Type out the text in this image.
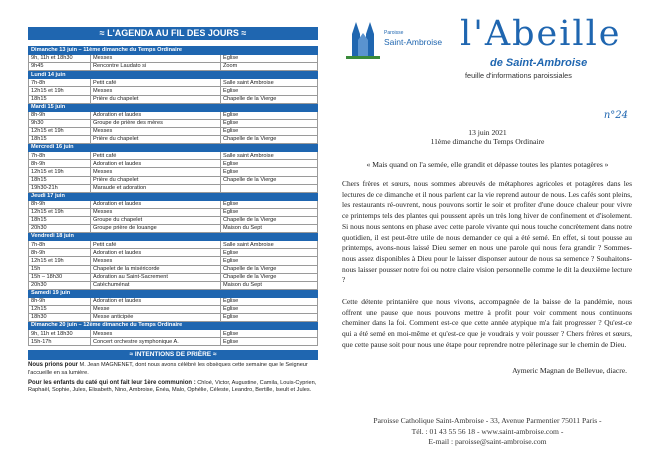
≈ L'AGENDA AU FIL DES JOURS ≈
Dimanche 13 juin – 11ème dimanche du Temps Ordinaire		
9h, 11h et 18h30	Messes	Eglise
9h45	Rencontre Laudato si	Zoom
Lundi 14 juin		
7h-8h	Petit café	Salle saint Ambroise
12h15 et 19h	Messes	Eglise
18h15	Prière du chapelet	Chapelle de la Vierge
Mardi 15 juin		
8h-9h	Adoration et laudes	Eglise
9h30	Groupe de prière des mères	Eglise
12h15 et 19h	Messes	Eglise
18h15	Prière du chapelet	Chapelle de la Vierge
Mercredi 16 juin		
7h-8h	Petit café	Salle saint Ambroise
8h-9h	Adoration et laudes	Eglise
12h15 et 19h	Messes	Eglise
18h15	Prière du chapelet	Chapelle de la Vierge
19h30-21h	Maraude et adoration	
Jeudi 17 juin		
8h-9h	Adoration et laudes	Eglise
12h15 et 19h	Messes	Eglise
18h15	Groupe du chapelet	Chapelle de la Vierge
20h30	Groupe prière de louange	Maison du Sept
Vendredi 18 juin		
7h-8h	Petit café	Salle saint Ambroise
8h-9h	Adoration et laudes	Eglise
12h15 et 19h	Messes	Eglise
15h	Chapelet de la miséricorde	Chapelle de la Vierge
15h – 18h30	Adoration au Saint-Sacrement	Chapelle de la Vierge
20h30	Catéchuménat	Maison du Sept
Samedi 19 juin		
8h-9h	Adoration et laudes	Eglise
12h15	Messe	Eglise
18h30	Messe anticipée	Eglise
Dimanche 20 juin – 12ème dimanche du Temps Ordinaire		
9h, 11h et 18h30	Messes	Eglise
15h-17h	Concert orchestre symphonique A.	Eglise
≈ INTENTIONS DE PRIÈRE ≈

Nous prions pour M. Jean MAGNENET, dont nous avons célébré les obsèques cette semaine que le Seigneur l'accueille en sa lumière.

Pour les enfants du caté qui ont fait leur 1ère communion : Chloé, Victor, Augustine, Camila, Louis-Cyprien, Raphaël, Sophie, Jules, Elisabeth, Nino, Ambroise, Énéa, Malo, Ophélie, Céleste, Leandro, Bertille, Iseult et Jules.

Paroisse
Saint-Ambroise l'Abeille
de Saint-Ambroise
feuille d'informations paroissiales
n°24
13 juin 2021
11ème dimanche du Temps Ordinaire
« Mais quand on l'a semée, elle grandit et dépasse toutes les plantes potagères »

Chers frères et sœurs, nous sommes abreuvés de métaphores agricoles et potagères dans les lectures de ce dimanche et il nous parlent car la vie reprend autour de nous. Les cafés sont pleins, les restaurants ré-ouvrent, nous pouvons sortir le soir et profiter d'une douce chaleur pour vivre ce printemps tels des plantes qui poussent après un très long hiver de confinement et d'isolement. Si nous nous sentons en phase avec cette parole vivante qui nous touche concrètement dans notre quotidien, il est peut-être utile de nous demander ce qui a été semé. En effet, si tout pousse au printemps, avons-nous laissé Dieu semer en nous une parole qui nous fera grandir ? Sommes-nous assez disponibles à Dieu pour le laisser disponser autour de nous sa semence ? Souhaitons-nous laisser pousser notre foi ou notre claire vision personnelle comme le dit la deuxième lecture ?

Cette détente printanière que nous vivons, accompagnée de la baisse de la pandémie, nous offrent une pause que nous pouvons mettre à profit pour voir comment nous continuons cheminer dans la foi. Comment est-ce que cette année atypique m'a fait progresser ? Qu'est-ce qui a été semé en moi-même et qu'est-ce que je voudrais y voir pousser ? Chers frères et sœurs, que cette pause soit pour nous une étape pour reprendre notre pèlerinage sur le chemin de Dieu.

Aymeric Magnan de Bellevue, diacre.
Paroisse Catholique Saint-Ambroise - 33, Avenue Parmentier 75011 Paris -
Tél. : 01 43 55 56 18 - www.saint-ambroise.com -
E-mail : paroisse@saint-ambroise.com
